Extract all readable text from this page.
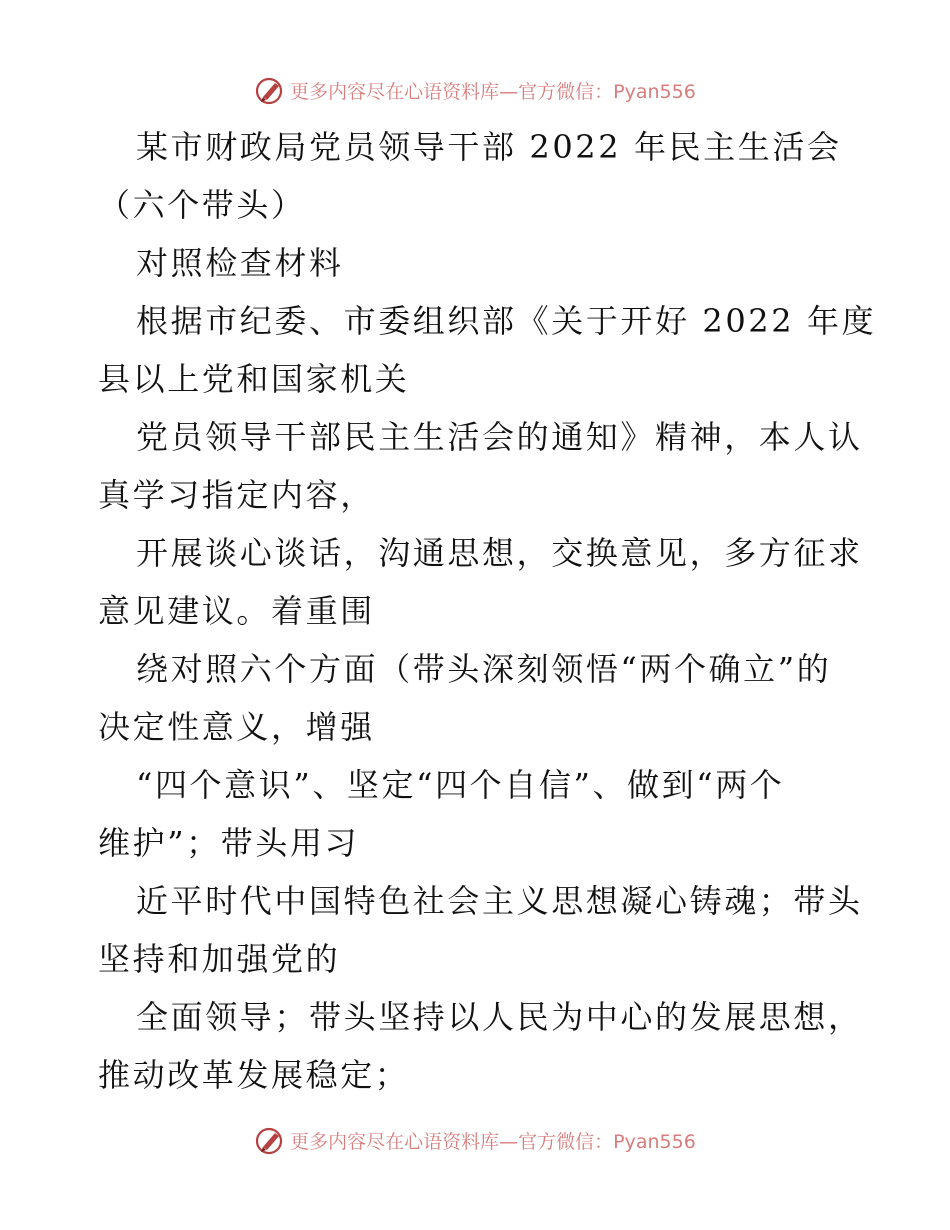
更多内容尽在心语资料库—官方微信：Pyan556
某市财政局党员领导干部 2022 年民主生活会
（六个带头）
对照检查材料
根据市纪委、市委组织部《关于开好 2022 年度
县以上党和国家机关
党员领导干部民主生活会的通知》精神，本人认
真学习指定内容，
开展谈心谈话，沟通思想，交换意见，多方征求
意见建议。着重围
绕对照六个方面（带头深刻领悟“两个确立”的
决定性意义，增强
“四个意识”、坚定“四个自信”、做到“两个
维护”；带头用习
近平时代中国特色社会主义思想凝心铸魂；带头
坚持和加强党的
全面领导；带头坚持以人民为中心的发展思想，
推动改革发展稳定；
更多内容尽在心语资料库—官方微信：Pyan556
